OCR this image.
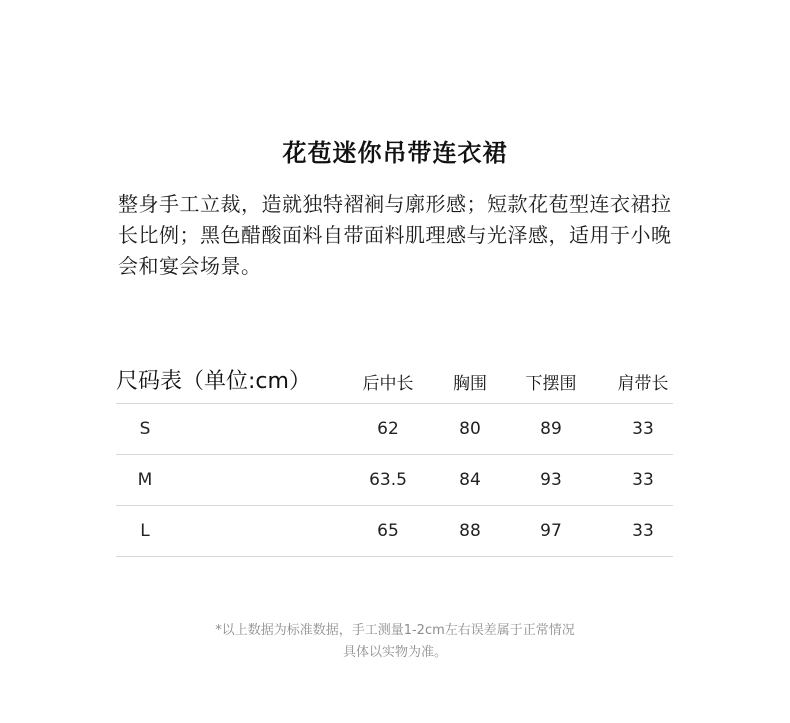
花苞迷你吊带连衣裙
整身手工立裁，造就独特褶裥与廓形感；短款花苞型连衣裙拉长比例；黑色醋酸面料自带面料肌理感与光泽感，适用于小晚会和宴会场景。
尺码表（单位:cm）	后中长	胸围	下摆围	肩带长
S	62	80	89	33
M	63.5	84	93	33
L	65	88	97	33
*以上数据为标准数据，手工测量1-2cm左右误差属于正常情况
具体以实物为准。
